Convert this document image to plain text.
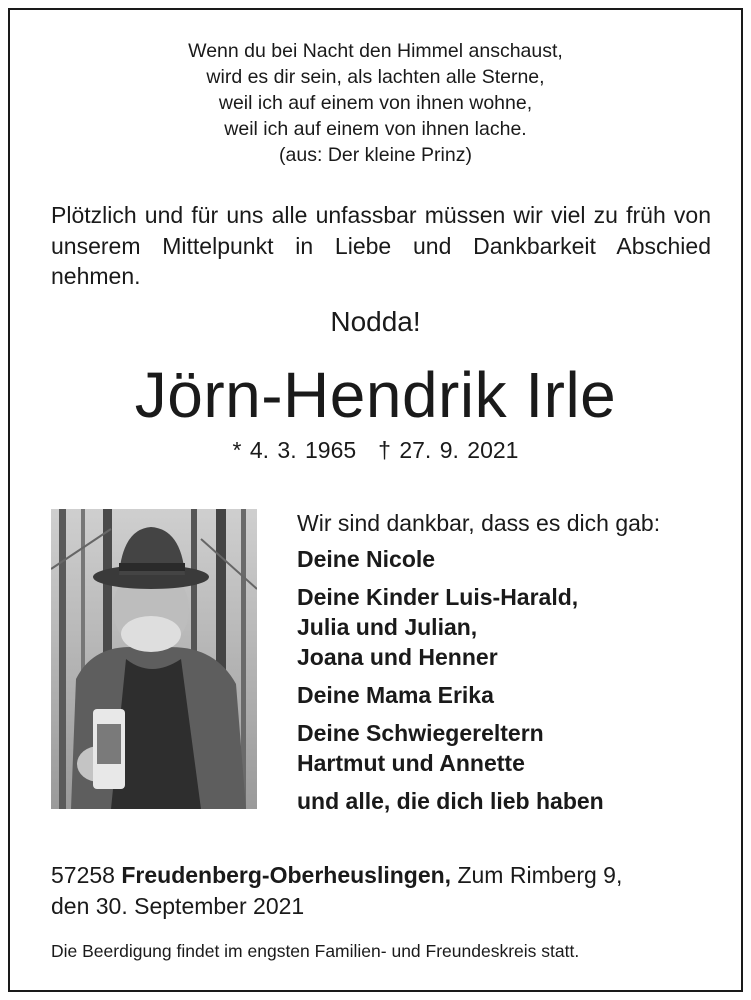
Wenn du bei Nacht den Himmel anschaust,
wird es dir sein, als lachten alle Sterne,
weil ich auf einem von ihnen wohne,
weil ich auf einem von ihnen lache.
(aus: Der kleine Prinz)
Plötzlich und für uns alle unfassbar müssen wir viel zu früh von unserem Mittelpunkt in Liebe und Dankbarkeit Abschied nehmen.
Nodda!
Jörn-Hendrik Irle
* 4. 3. 1965 † 27. 9. 2021
Wir sind dankbar, dass es dich gab:
Deine Nicole
Deine Kinder Luis-Harald,
Julia und Julian,
Joana und Henner
Deine Mama Erika
Deine Schwiegereltern
Hartmut und Annette
und alle, die dich lieb haben
57258 Freudenberg-Oberheuslingen, Zum Rimberg 9,
den 30. September 2021
Die Beerdigung findet im engsten Familien- und Freundeskreis statt.
